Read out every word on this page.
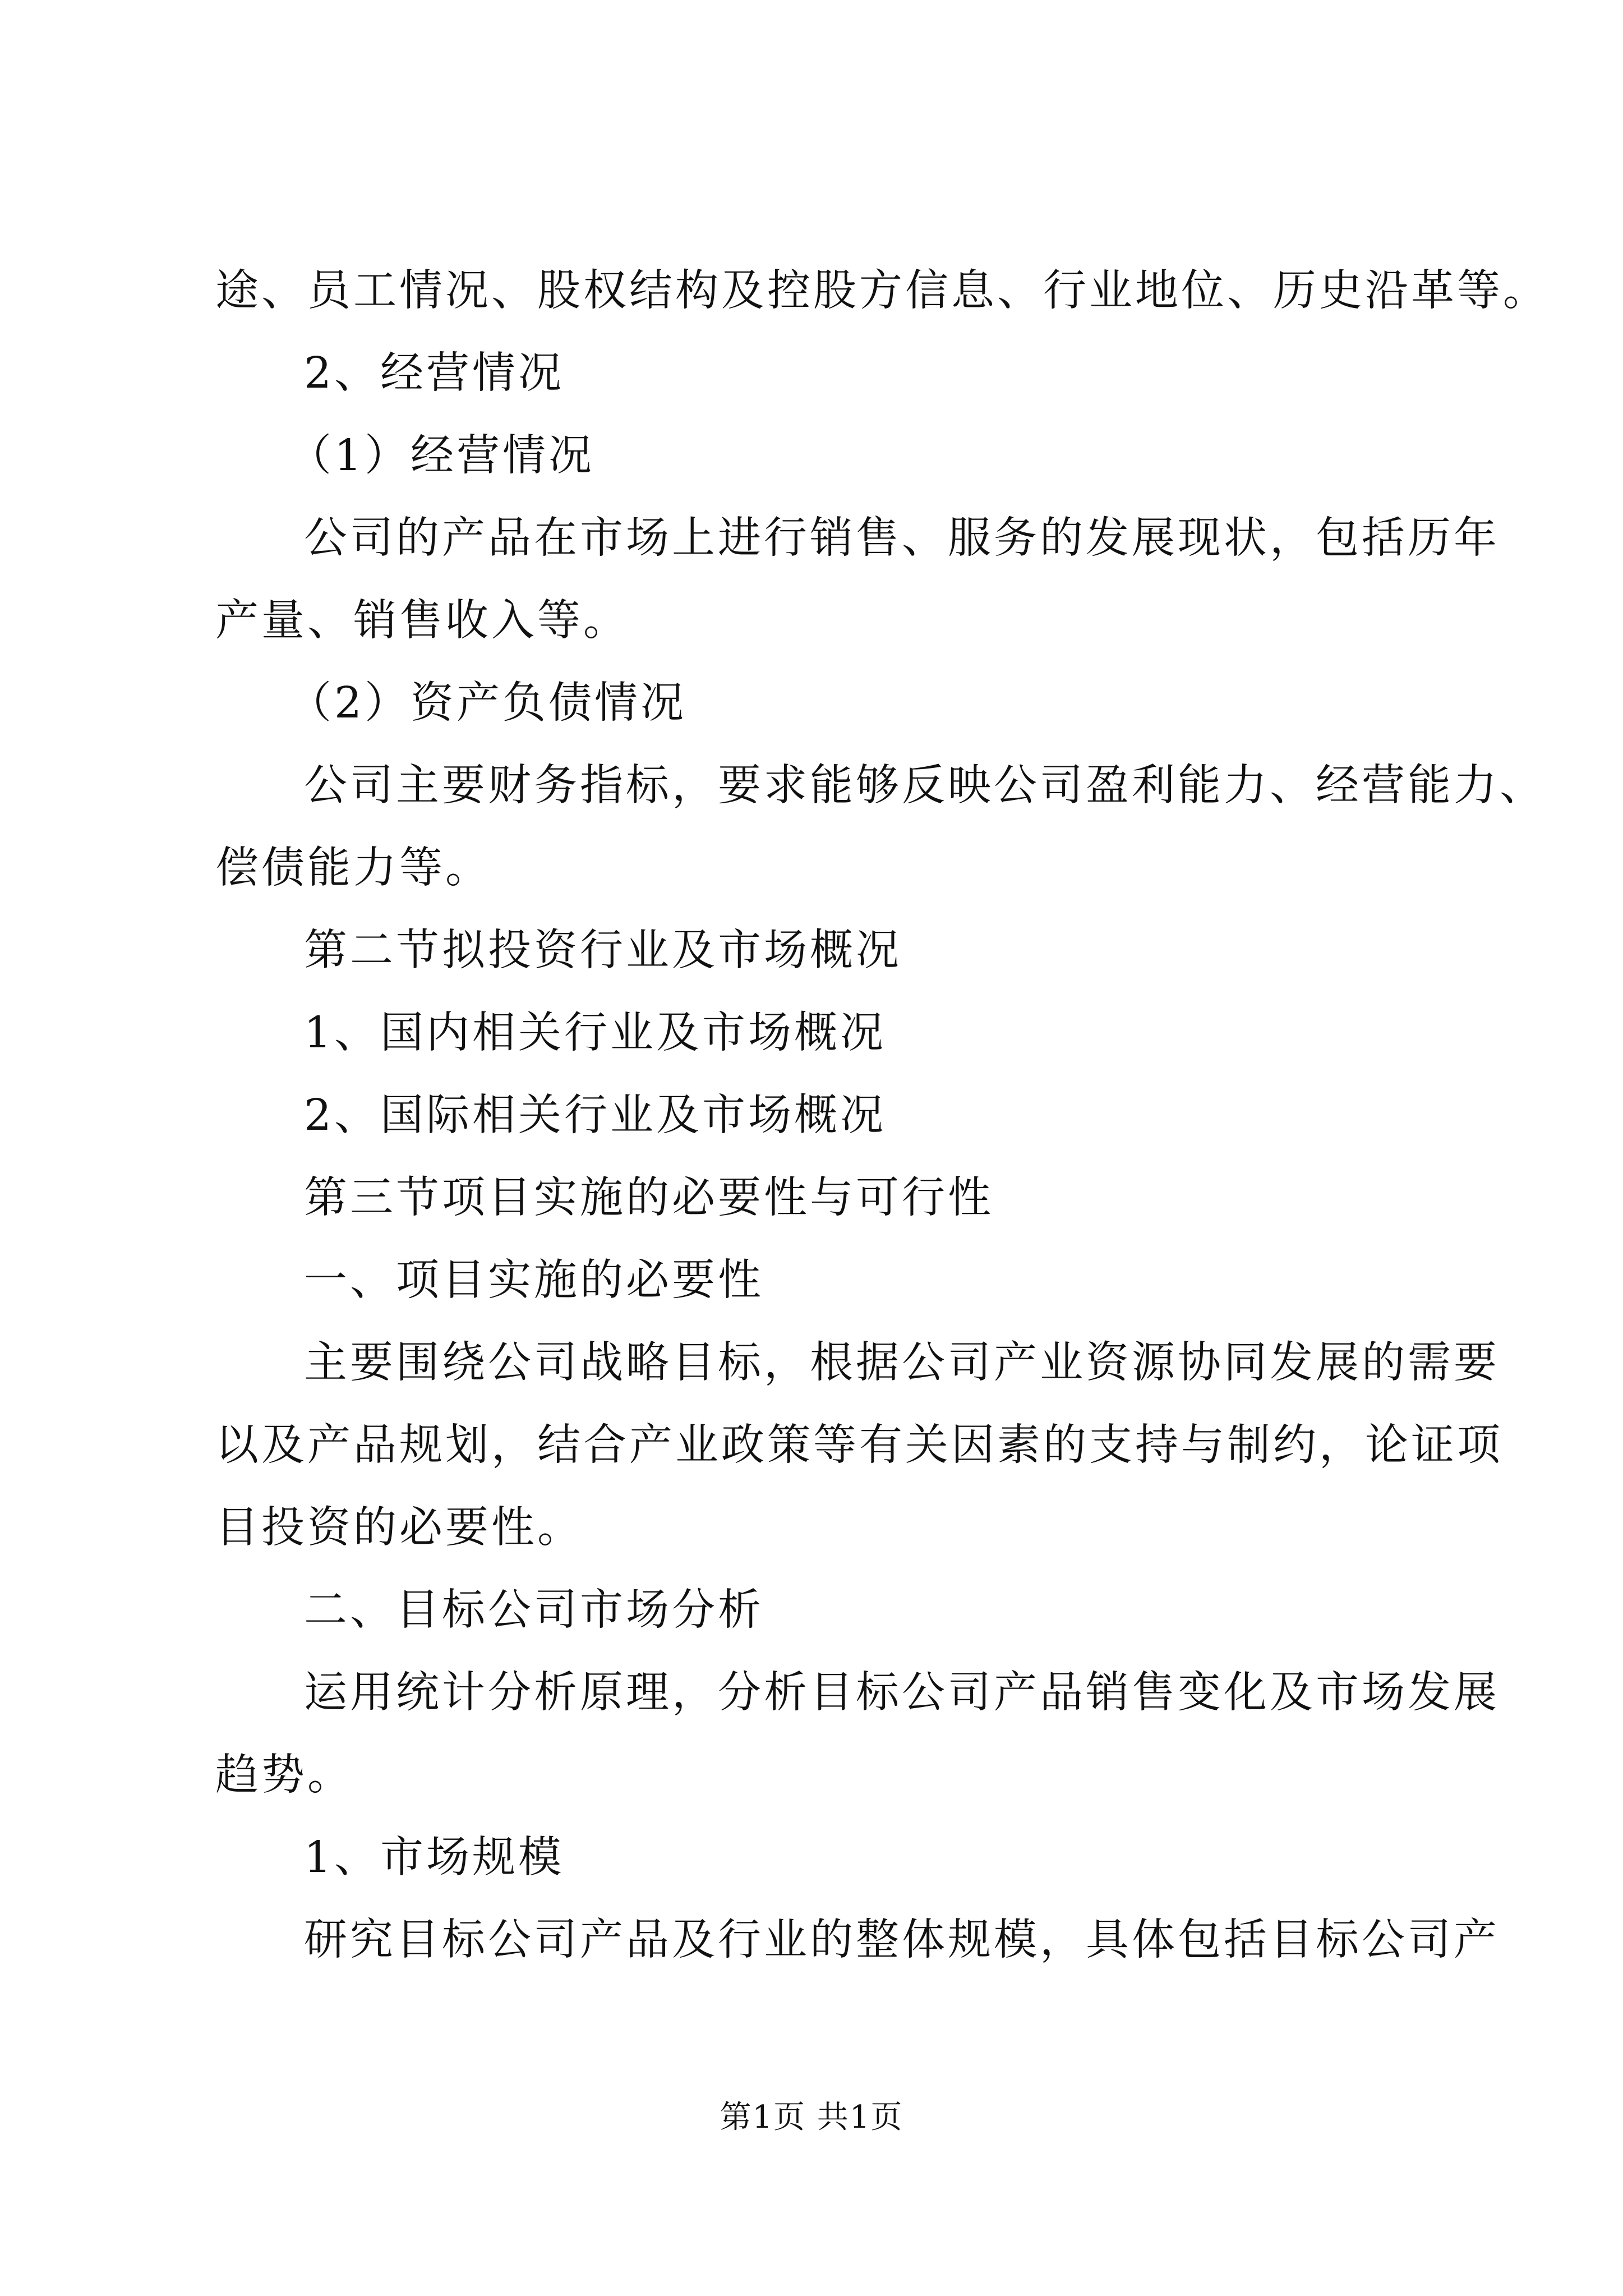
途、员工情况、股权结构及控股方信息、行业地位、历史沿革等。
2、经营情况
（1）经营情况
公司的产品在市场上进行销售、服务的发展现状，包括历年
产量、销售收入等。
（2）资产负债情况
公司主要财务指标，要求能够反映公司盈利能力、经营能力、
偿债能力等。
第二节拟投资行业及市场概况
1、国内相关行业及市场概况
2、国际相关行业及市场概况
第三节项目实施的必要性与可行性
一、项目实施的必要性
主要围绕公司战略目标，根据公司产业资源协同发展的需要
以及产品规划，结合产业政策等有关因素的支持与制约，论证项
目投资的必要性。
二、目标公司市场分析
运用统计分析原理，分析目标公司产品销售变化及市场发展
趋势。
1、市场规模
研究目标公司产品及行业的整体规模，具体包括目标公司产
第1页 共1页
